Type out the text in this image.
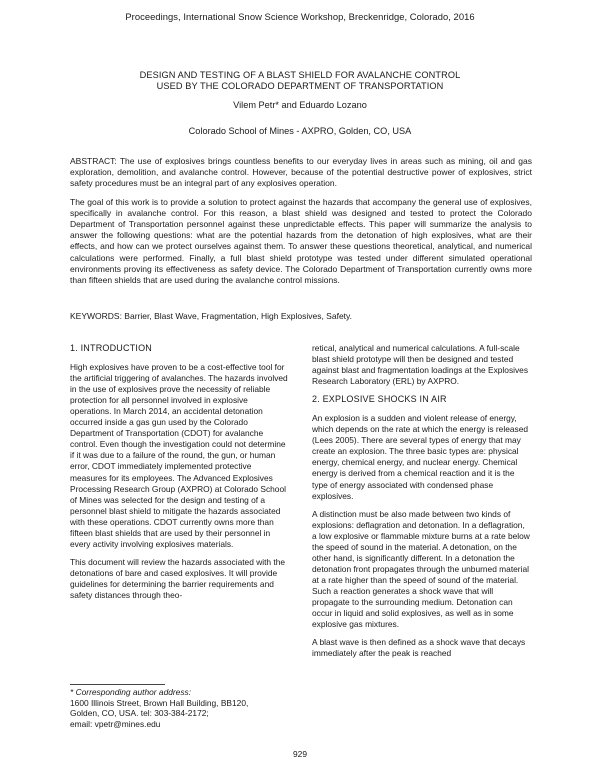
Proceedings, International Snow Science Workshop, Breckenridge, Colorado, 2016
DESIGN AND TESTING OF A BLAST SHIELD FOR AVALANCHE CONTROL
USED BY THE COLORADO DEPARTMENT OF TRANSPORTATION
Vilem Petr* and Eduardo Lozano
Colorado School of Mines - AXPRO, Golden, CO, USA

ABSTRACT: The use of explosives brings countless benefits to our everyday lives in areas such as mining, oil and gas exploration, demolition, and avalanche control. However, because of the potential destructive power of explosives, strict safety procedures must be an integral part of any explosives operation.

The goal of this work is to provide a solution to protect against the hazards that accompany the general use of explosives, specifically in avalanche control. For this reason, a blast shield was designed and tested to protect the Colorado Department of Transportation personnel against these unpredictable effects. This paper will summarize the analysis to answer the following questions: what are the potential hazards from the detonation of high explosives, what are their effects, and how can we protect ourselves against them. To answer these questions theoretical, analytical, and numerical calculations were performed. Finally, a full blast shield prototype was tested under different simulated operational environments proving its effectiveness as safety device. The Colorado Department of Transportation currently owns more than fifteen shields that are used during the avalanche control missions.

KEYWORDS: Barrier, Blast Wave, Fragmentation, High Explosives, Safety.
1. INTRODUCTION

High explosives have proven to be a cost-effective tool for the artificial triggering of avalanches. The hazards involved in the use of explosives prove the necessity of reliable protection for all personnel involved in explosive operations. In March 2014, an accidental detonation occurred inside a gas gun used by the Colorado Department of Transportation (CDOT) for avalanche control. Even though the investigation could not determine if it was due to a failure of the round, the gun, or human error, CDOT immediately implemented protective measures for its employees. The Advanced Explosives Processing Research Group (AXPRO) at Colorado School of Mines was selected for the design and testing of a personnel blast shield to mitigate the hazards associated with these operations. CDOT currently owns more than fifteen blast shields that are used by their personnel in every activity involving explosives materials.

This document will review the hazards associated with the detonations of bare and cased explosives. It will provide guidelines for determining the barrier requirements and safety distances through theo-

retical, analytical and numerical calculations. A full-scale blast shield prototype will then be designed and tested against blast and fragmentation loadings at the Explosives Research Laboratory (ERL) by AXPRO.

2. EXPLOSIVE SHOCKS IN AIR

An explosion is a sudden and violent release of energy, which depends on the rate at which the energy is released (Lees 2005). There are several types of energy that may create an explosion. The three basic types are: physical energy, chemical energy, and nuclear energy. Chemical energy is derived from a chemical reaction and it is the type of energy associated with condensed phase explosives.

A distinction must be also made between two kinds of explosions: deflagration and detonation. In a deflagration, a low explosive or flammable mixture burns at a rate below the speed of sound in the material. A detonation, on the other hand, is significantly different. In a detonation the detonation front propagates through the unburned material at a rate higher than the speed of sound of the material. Such a reaction generates a shock wave that will propagate to the surrounding medium. Detonation can occur in liquid and solid explosives, as well as in some explosive gas mixtures.

A blast wave is then defined as a shock wave that decays immediately after the peak is reached

* Corresponding author address:
1600 Illinois Street, Brown Hall Building, BB120,
Golden, CO, USA. tel: 303-384-2172;
email: vpetr@mines.edu
929
